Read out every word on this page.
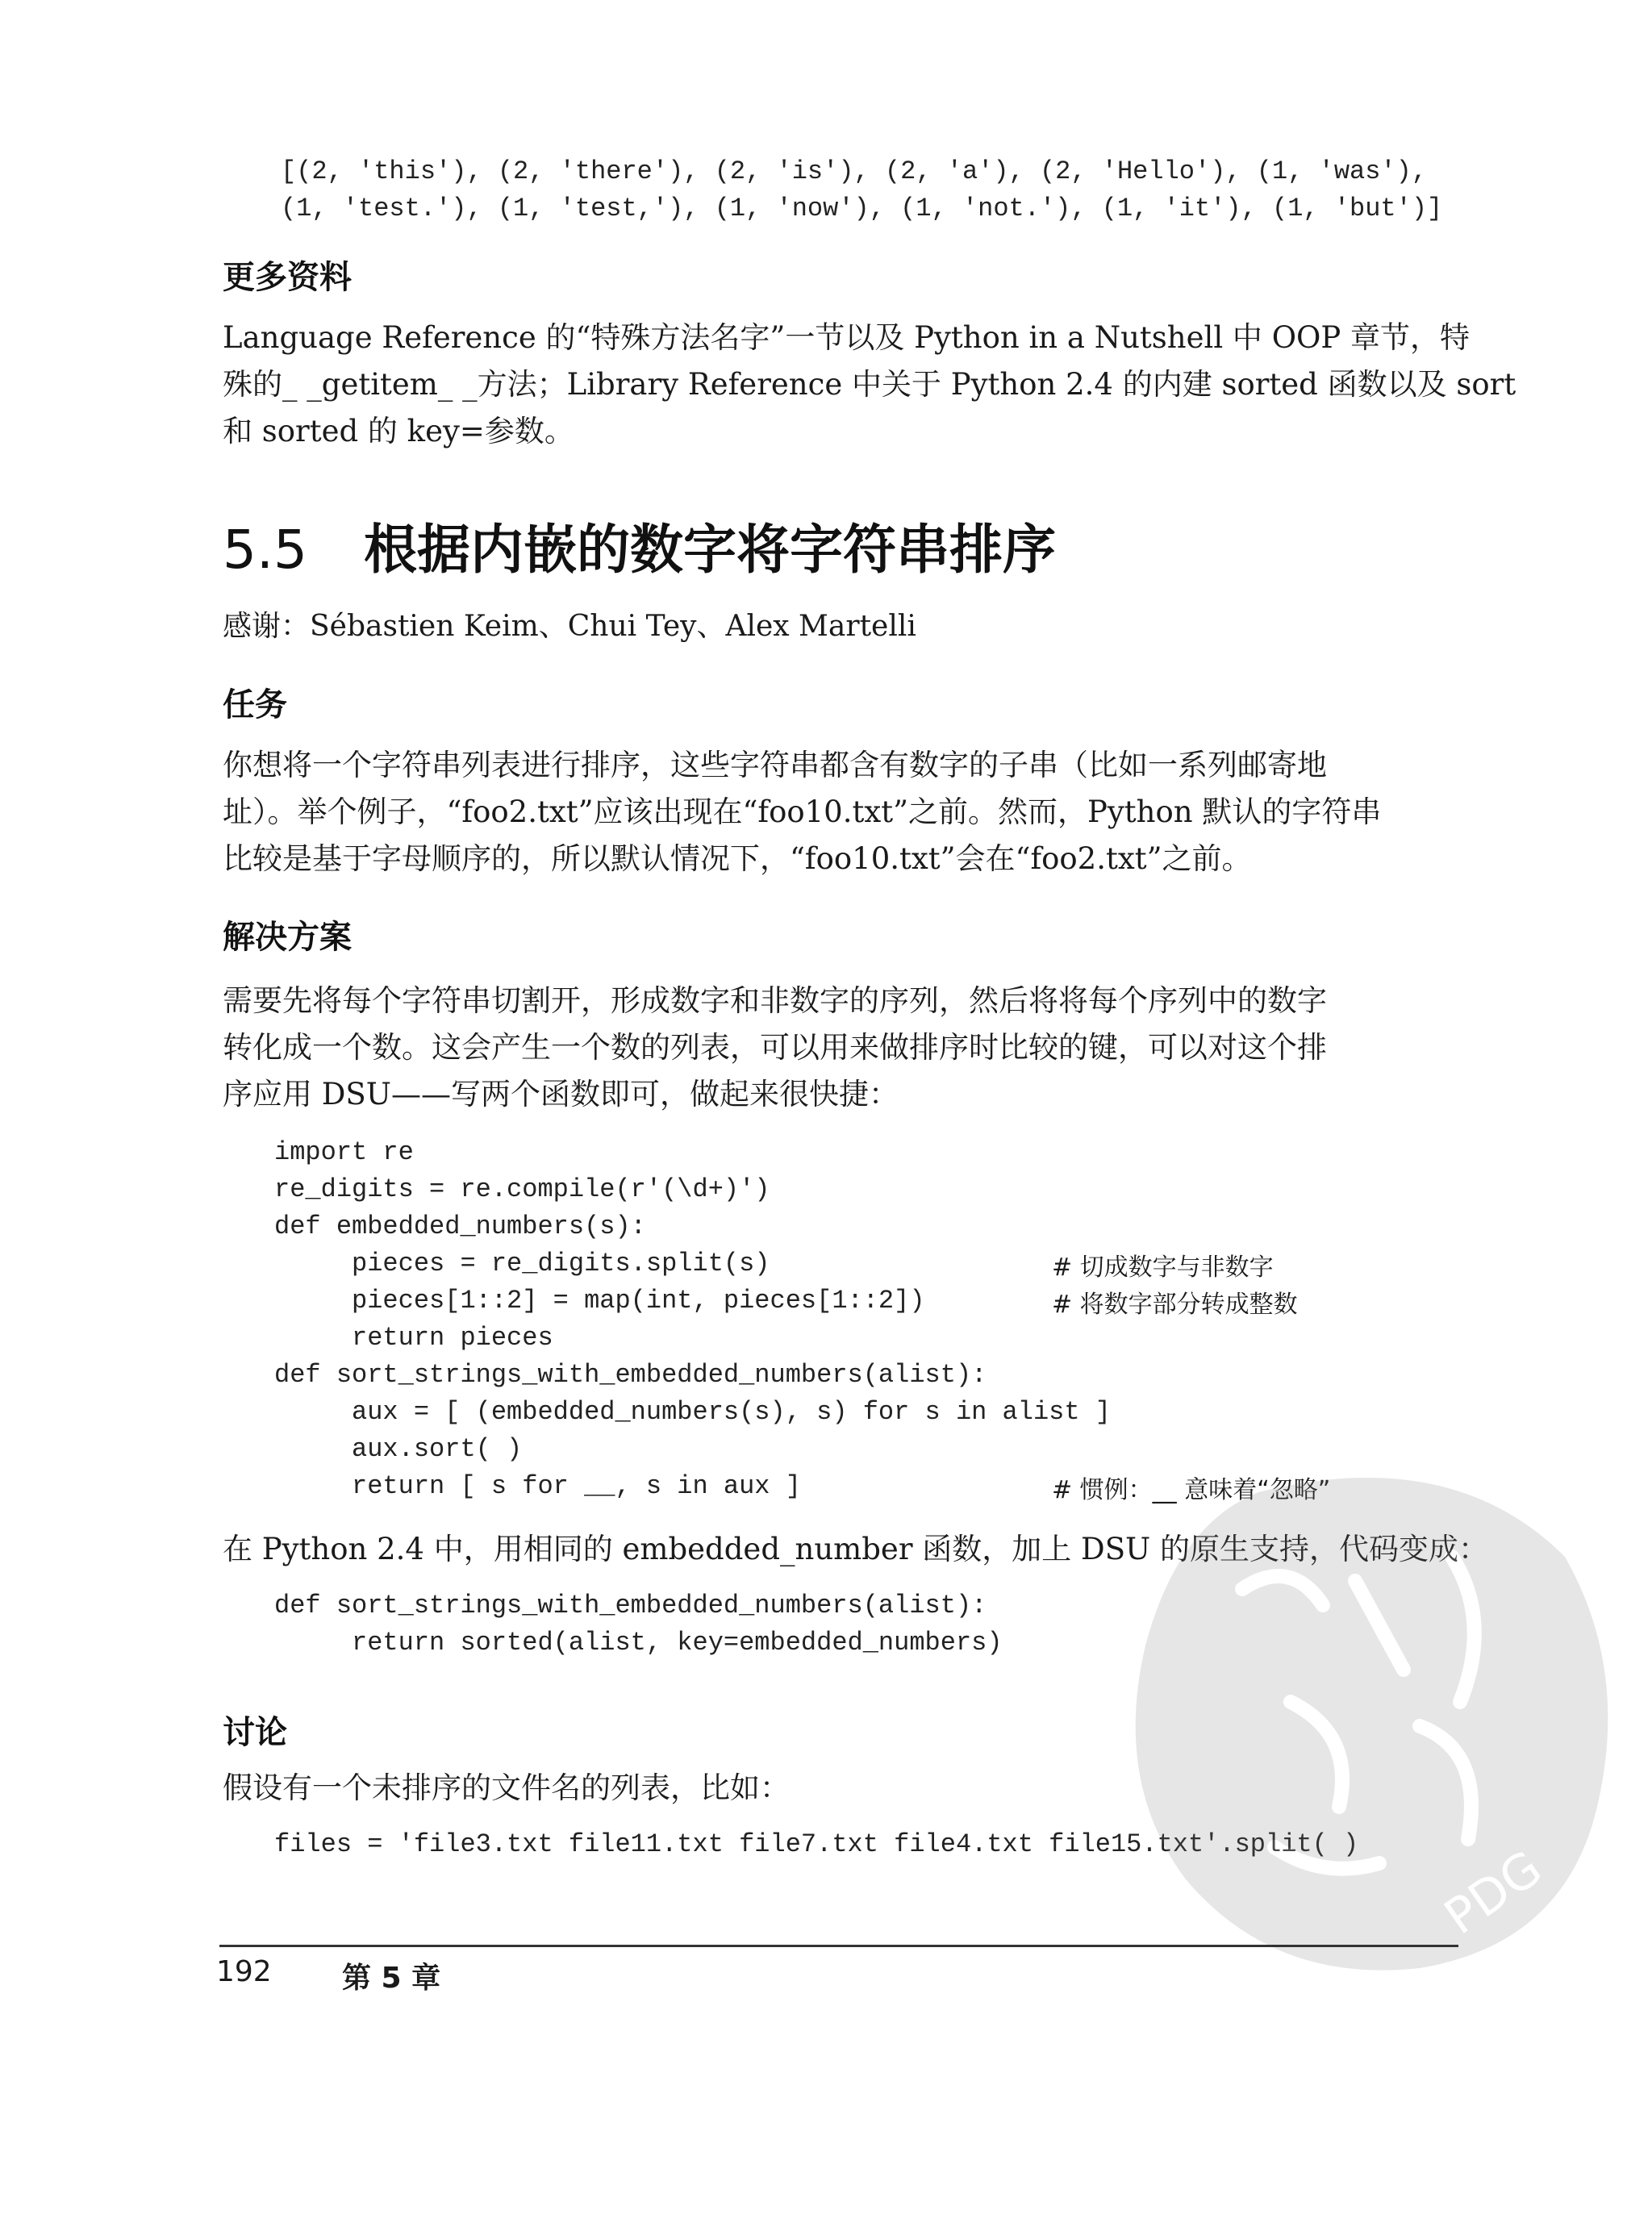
[(2, 'this'), (2, 'there'), (2, 'is'), (2, 'a'), (2, 'Hello'), (1, 'was'),
(1, 'test.'), (1, 'test,'), (1, 'now'), (1, 'not.'), (1, 'it'), (1, 'but')]
更多资料
Language Reference 的“特殊方法名字”一节以及 Python in a Nutshell 中 OOP 章节，特
殊的_ _getitem_ _方法；Library Reference 中关于 Python 2.4 的内建 sorted 函数以及 sort
和 sorted 的 key=参数。
5.5 根据内嵌的数字将字符串排序
感谢：Sébastien Keim、Chui Tey、Alex Martelli
任务
你想将一个字符串列表进行排序，这些字符串都含有数字的子串（比如一系列邮寄地
址）。举个例子，“foo2.txt”应该出现在“foo10.txt”之前。然而，Python 默认的字符串
比较是基于字母顺序的，所以默认情况下，“foo10.txt”会在“foo2.txt”之前。
解决方案
需要先将每个字符串切割开，形成数字和非数字的序列，然后将将每个序列中的数字
转化成一个数。这会产生一个数的列表，可以用来做排序时比较的键，可以对这个排
序应用 DSU——写两个函数即可，做起来很快捷：
import re
re_digits = re.compile(r'(\d+)')
def embedded_numbers(s):
pieces = re_digits.split(s)
pieces[1::2] = map(int, pieces[1::2])
return pieces
def sort_strings_with_embedded_numbers(alist):
aux = [ (embedded_numbers(s), s) for s in alist ]
aux.sort( )
return [ s for __, s in aux ]
# 切成数字与非数字
# 将数字部分转成整数
# 惯例：__ 意味着“忽略”
在 Python 2.4 中，用相同的 embedded_number 函数，加上 DSU 的原生支持，代码变成：
def sort_strings_with_embedded_numbers(alist):
return sorted(alist, key=embedded_numbers)
讨论
假设有一个未排序的文件名的列表，比如：
files = 'file3.txt file11.txt file7.txt file4.txt file15.txt'.split( ) PDG
192 第 5 章
